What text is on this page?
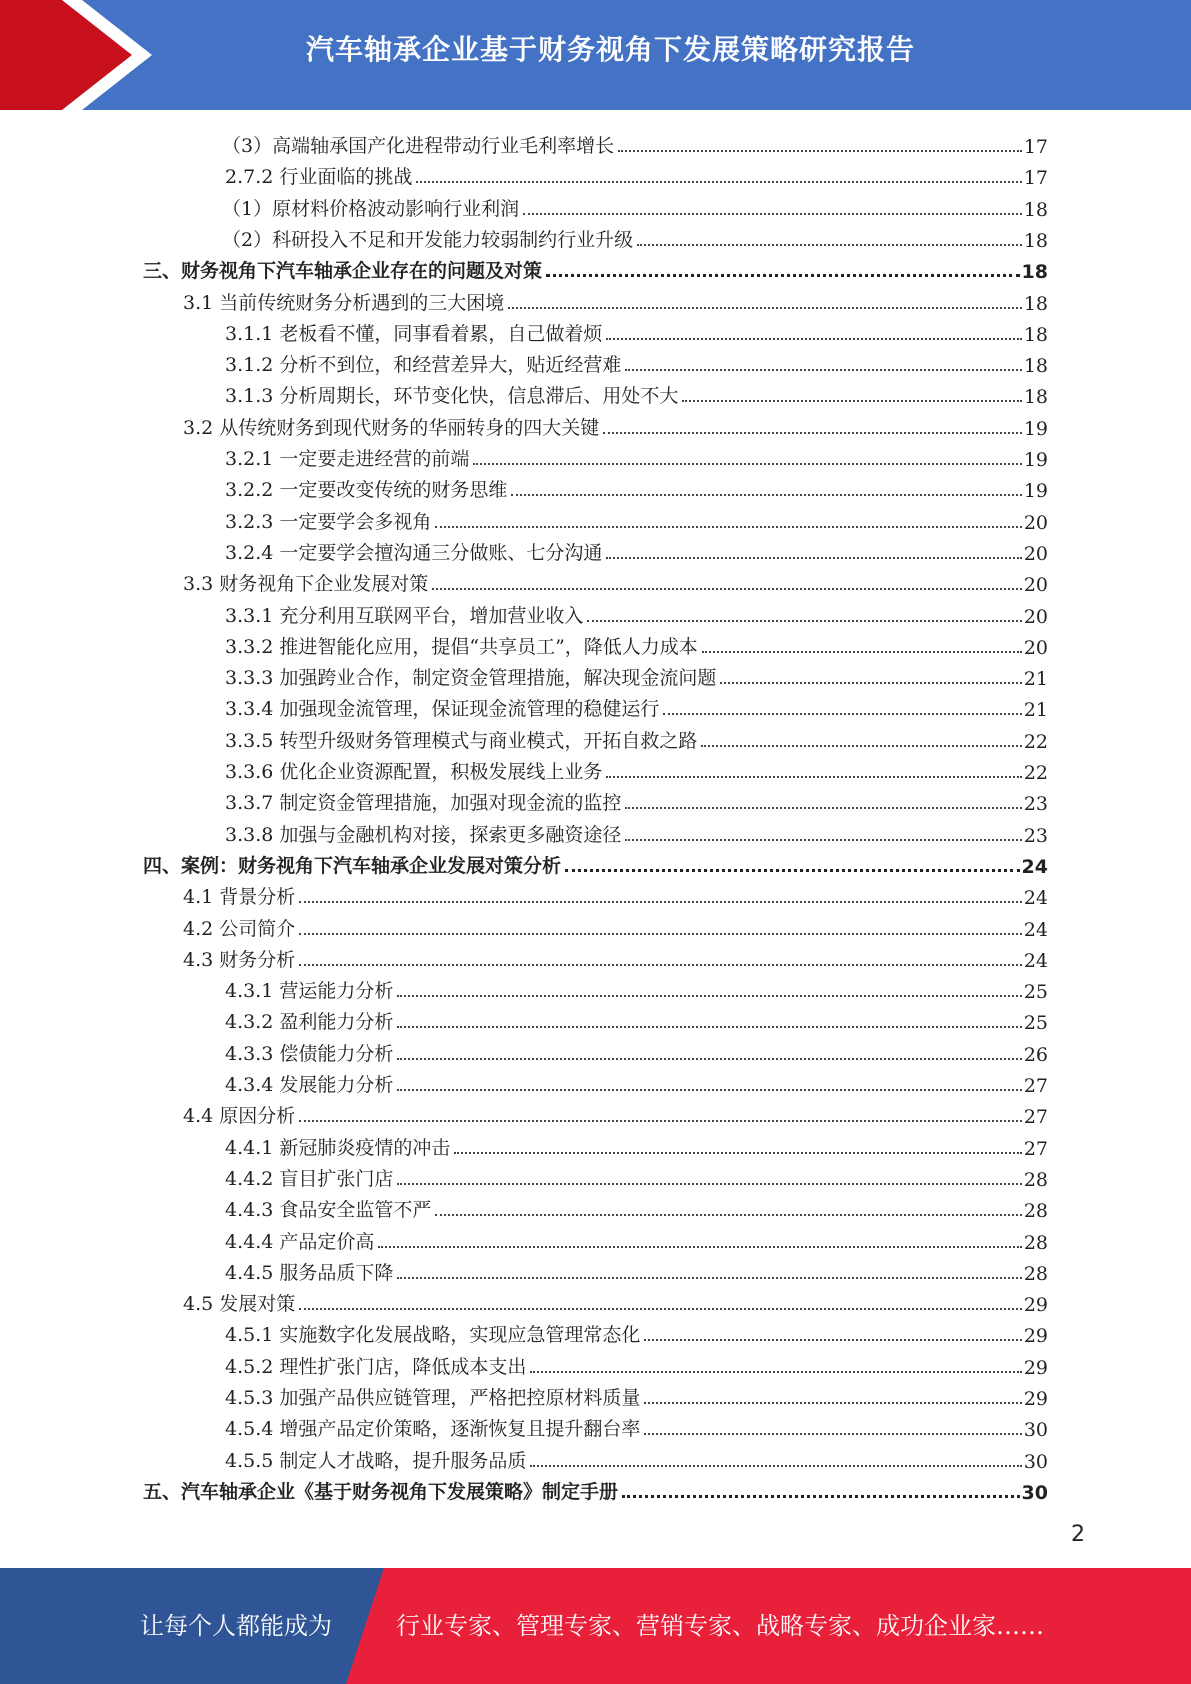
汽车轴承企业基于财务视角下发展策略研究报告
（3）高端轴承国产化进程带动行业毛利率增长	17
2.7.2 行业面临的挑战	17
（1）原材料价格波动影响行业利润	18
（2）科研投入不足和开发能力较弱制约行业升级	18
三、财务视角下汽车轴承企业存在的问题及对策	18
3.1 当前传统财务分析遇到的三大困境	18
3.1.1 老板看不懂，同事看着累，自己做着烦	18
3.1.2 分析不到位，和经营差异大，贴近经营难	18
3.1.3 分析周期长，环节变化快，信息滞后、用处不大	18
3.2 从传统财务到现代财务的华丽转身的四大关键	19
3.2.1 一定要走进经营的前端	19
3.2.2 一定要改变传统的财务思维	19
3.2.3 一定要学会多视角	20
3.2.4 一定要学会擅沟通三分做账、七分沟通	20
3.3 财务视角下企业发展对策	20
3.3.1 充分利用互联网平台，增加营业收入	20
3.3.2 推进智能化应用，提倡“共享员工”，降低人力成本	20
3.3.3 加强跨业合作，制定资金管理措施，解决现金流问题	21
3.3.4 加强现金流管理，保证现金流管理的稳健运行	21
3.3.5 转型升级财务管理模式与商业模式，开拓自救之路	22
3.3.6 优化企业资源配置，积极发展线上业务	22
3.3.7 制定资金管理措施，加强对现金流的监控	23
3.3.8 加强与金融机构对接，探索更多融资途径	23
四、案例：财务视角下汽车轴承企业发展对策分析	24
4.1 背景分析	24
4.2 公司简介	24
4.3 财务分析	24
4.3.1 营运能力分析	25
4.3.2 盈利能力分析	25
4.3.3 偿债能力分析	26
4.3.4 发展能力分析	27
4.4 原因分析	27
4.4.1 新冠肺炎疫情的冲击	27
4.4.2 盲目扩张门店	28
4.4.3 食品安全监管不严	28
4.4.4 产品定价高	28
4.4.5 服务品质下降	28
4.5 发展对策	29
4.5.1 实施数字化发展战略，实现应急管理常态化	29
4.5.2 理性扩张门店，降低成本支出	29
4.5.3 加强产品供应链管理，严格把控原材料质量	29
4.5.4 增强产品定价策略，逐渐恢复且提升翻台率	30
4.5.5 制定人才战略，提升服务品质	30
五、汽车轴承企业《基于财务视角下发展策略》制定手册	30
2
让每个人都能成为	行业专家、管理专家、营销专家、战略专家、成功企业家……
